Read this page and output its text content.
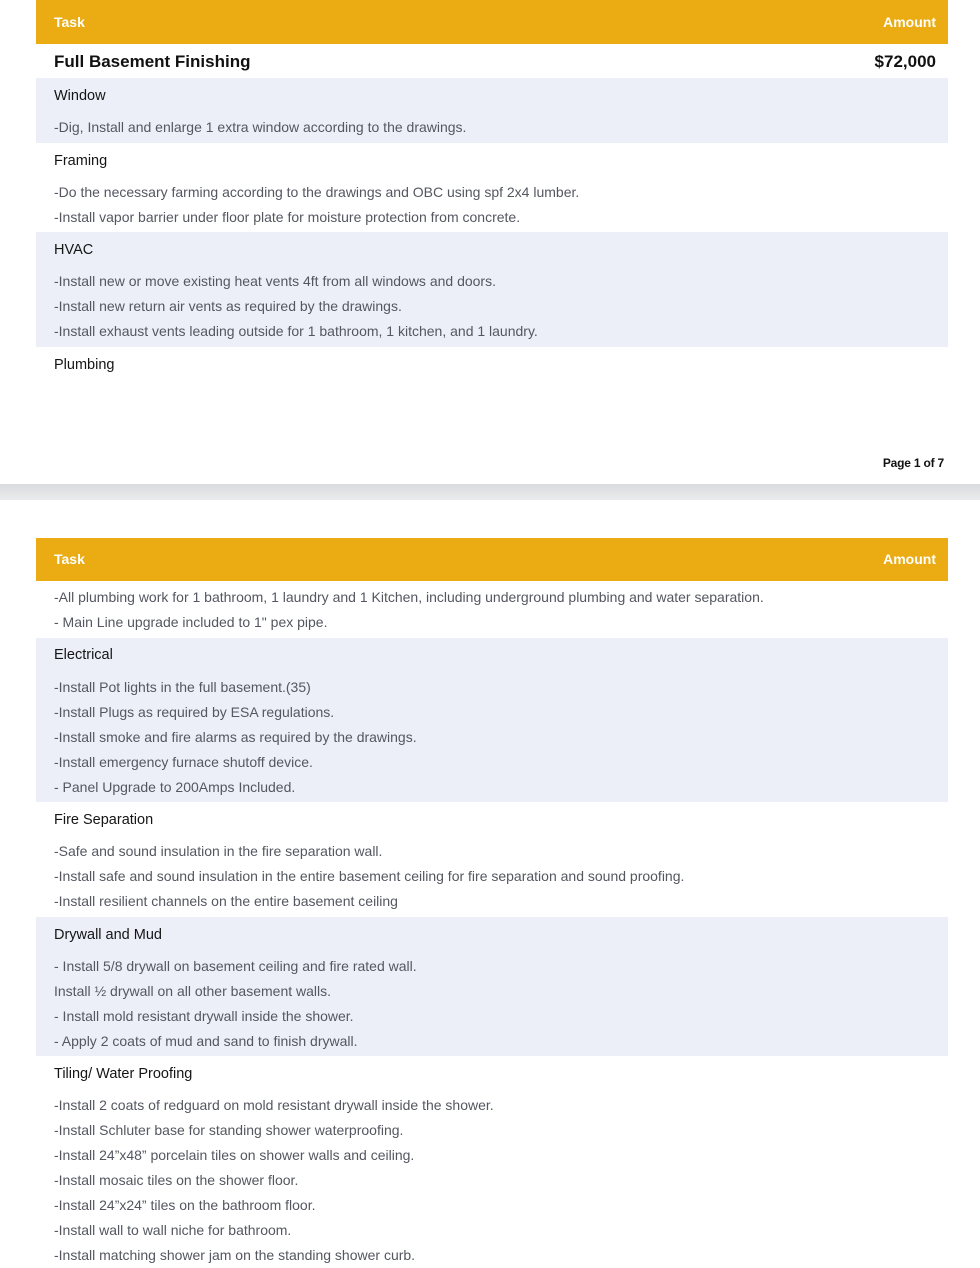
Task	Amount
Full Basement Finishing	$72,000
Window
-Dig, Install and enlarge 1 extra window according to the drawings.
Framing
-Do the necessary farming according to the drawings and OBC using spf 2x4 lumber.
-Install vapor barrier under floor plate for moisture protection from concrete.
HVAC
-Install new or move existing heat vents 4ft from all windows and doors.
-Install new return air vents as required by the drawings.
-Install exhaust vents leading outside for 1 bathroom, 1 kitchen, and 1 laundry.
Plumbing
Page 1 of 7
Task	Amount
-All plumbing work for 1 bathroom, 1 laundry and 1 Kitchen, including underground plumbing and water separation.
- Main Line upgrade included to 1" pex pipe.
Electrical
-Install Pot lights in the full basement.(35)
-Install Plugs as required by ESA regulations.
-Install smoke and fire alarms as required by the drawings.
-Install emergency furnace shutoff device.
- Panel Upgrade to 200Amps Included.
Fire Separation
-Safe and sound insulation in the fire separation wall.
-Install safe and sound insulation in the entire basement ceiling for fire separation and sound proofing.
-Install resilient channels on the entire basement ceiling
Drywall and Mud
- Install 5/8 drywall on basement ceiling and fire rated wall.
Install ½ drywall on all other basement walls.
- Install mold resistant drywall inside the shower.
- Apply 2 coats of mud and sand to finish drywall.
Tiling/ Water Proofing
-Install 2 coats of redguard on mold resistant drywall inside the shower.
-Install Schluter base for standing shower waterproofing.
-Install 24”x48” porcelain tiles on shower walls and ceiling.
-Install mosaic tiles on the shower floor.
-Install 24”x24” tiles on the bathroom floor.
-Install wall to wall niche for bathroom.
-Install matching shower jam on the standing shower curb.
